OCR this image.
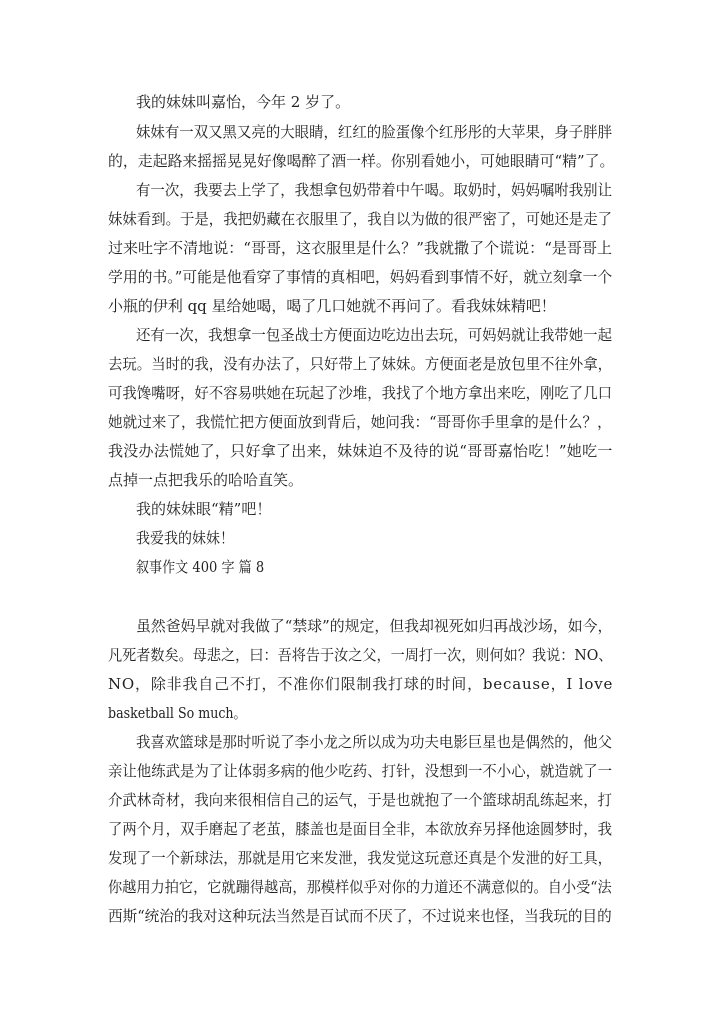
我的妹妹叫嘉怡，今年 2 岁了。
妹妹有一双又黑又亮的大眼睛，红红的脸蛋像个红彤彤的大苹果，身子胖胖
的，走起路来摇摇晃晃好像喝醉了酒一样。你别看她小，可她眼睛可“精”了。
有一次，我要去上学了，我想拿包奶带着中午喝。取奶时，妈妈嘱咐我别让
妹妹看到。于是，我把奶藏在衣服里了，我自以为做的很严密了，可她还是走了
过来吐字不清地说：“哥哥，这衣服里是什么？”我就撒了个谎说：“是哥哥上
学用的书。”可能是他看穿了事情的真相吧，妈妈看到事情不好，就立刻拿一个
小瓶的伊利 qq 星给她喝，喝了几口她就不再问了。看我妹妹精吧！
还有一次，我想拿一包圣战士方便面边吃边出去玩，可妈妈就让我带她一起
去玩。当时的我，没有办法了，只好带上了妹妹。方便面老是放包里不往外拿，
可我馋嘴呀，好不容易哄她在玩起了沙堆，我找了个地方拿出来吃，刚吃了几口
她就过来了，我慌忙把方便面放到背后，她问我：“哥哥你手里拿的是什么？，
我没办法慌她了，只好拿了出来，妹妹迫不及待的说“哥哥嘉怡吃！”她吃一
点掉一点把我乐的哈哈直笑。
我的妹妹眼“精”吧！
我爱我的妹妹！
叙事作文 400 字 篇 8
虽然爸妈早就对我做了“禁球”的规定，但我却视死如归再战沙场，如今，
凡死者数矣。母悲之，曰：吾将告于汝之父，一周打一次，则何如？我说：NO、
NO，除非我自己不打，不准你们限制我打球的时间，because，I love
basketball So much。
我喜欢篮球是那时听说了李小龙之所以成为功夫电影巨星也是偶然的，他父
亲让他练武是为了让体弱多病的他少吃药、打针，没想到一不小心，就造就了一
介武林奇材，我向来很相信自己的运气，于是也就抱了一个篮球胡乱练起来，打
了两个月，双手磨起了老茧，膝盖也是面目全非，本欲放弃另择他途圆梦时，我
发现了一个新球法，那就是用它来发泄，我发觉这玩意还真是个发泄的好工具，
你越用力拍它，它就蹦得越高，那模样似乎对你的力道还不满意似的。自小受“法
西斯“统治的我对这种玩法当然是百试而不厌了，不过说来也怪，当我玩的目的
